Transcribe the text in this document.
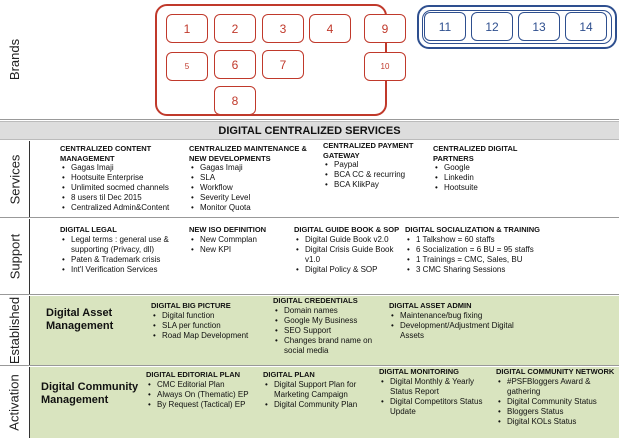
Brands
1	2	3	4
5	6	7
8
9
10
11	12	13	14
DIGITAL CENTRALIZED SERVICES
Services
CENTRALIZED CONTENT MANAGEMENT
• Gagas Imaji
• Hootsuite Enterprise
• Unlimited socmed channels
• 8 users til Dec 2015
• Centralized Admin&Content
CENTRALIZED MAINTENANCE & NEW DEVELOPMENTS
• Gagas Imaji
• SLA
• Workflow
• Severity Level
• Monitor Quota
CENTRALIZED PAYMENT GATEWAY
• Paypal
• BCA CC & recurring
• BCA KlikPay
CENTRALIZED DIGITAL PARTNERS
• Google
• Linkedin
• Hootsuite
Support
DIGITAL LEGAL
• Legal terms : general use & supporting (Privacy, dll)
• Paten & Trademark crisis
• Int'l Verification Services
NEW ISO DEFINITION
• New Commplan
• New KPI
DIGITAL GUIDE BOOK & SOP
• Digital Guide Book v2.0
• Digital Crisis Guide Book v1.0
• Digital Policy & SOP
DIGITAL SOCIALIZATION & TRAINING
• 1 Talkshow = 60 staffs
• 6 Socialization = 6 BU = 95 staffs
• 1 Trainings = CMC, Sales, BU
• 3 CMC Sharing Sessions
Established Digital Asset Management
DIGITAL BIG PICTURE
• Digital function
• SLA per function
• Road Map Development
DIGITAL CREDENTIALS
• Domain names
• Google My Business
• SEO Support
• Changes brand name on social media
DIGITAL ASSET ADMIN
• Maintenance/bug fixing
• Development/Adjustment Digital Assets
Activation Digital Community Management
DIGITAL EDITORIAL PLAN
• CMC Editorial Plan
• Always On (Thematic) EP
• By Request (Tactical) EP
DIGITAL PLAN
• Digital Support Plan for Marketing Campaign
• Digital Community Plan
DIGITAL MONITORING
• Digital Monthly & Yearly Status Report
• Digital Competitors Status Update
DIGITAL COMMUNITY NETWORK
• #PSFBloggers Award & gathering
• Digital Community Status
• Bloggers Status
• Digital KOLs Status
